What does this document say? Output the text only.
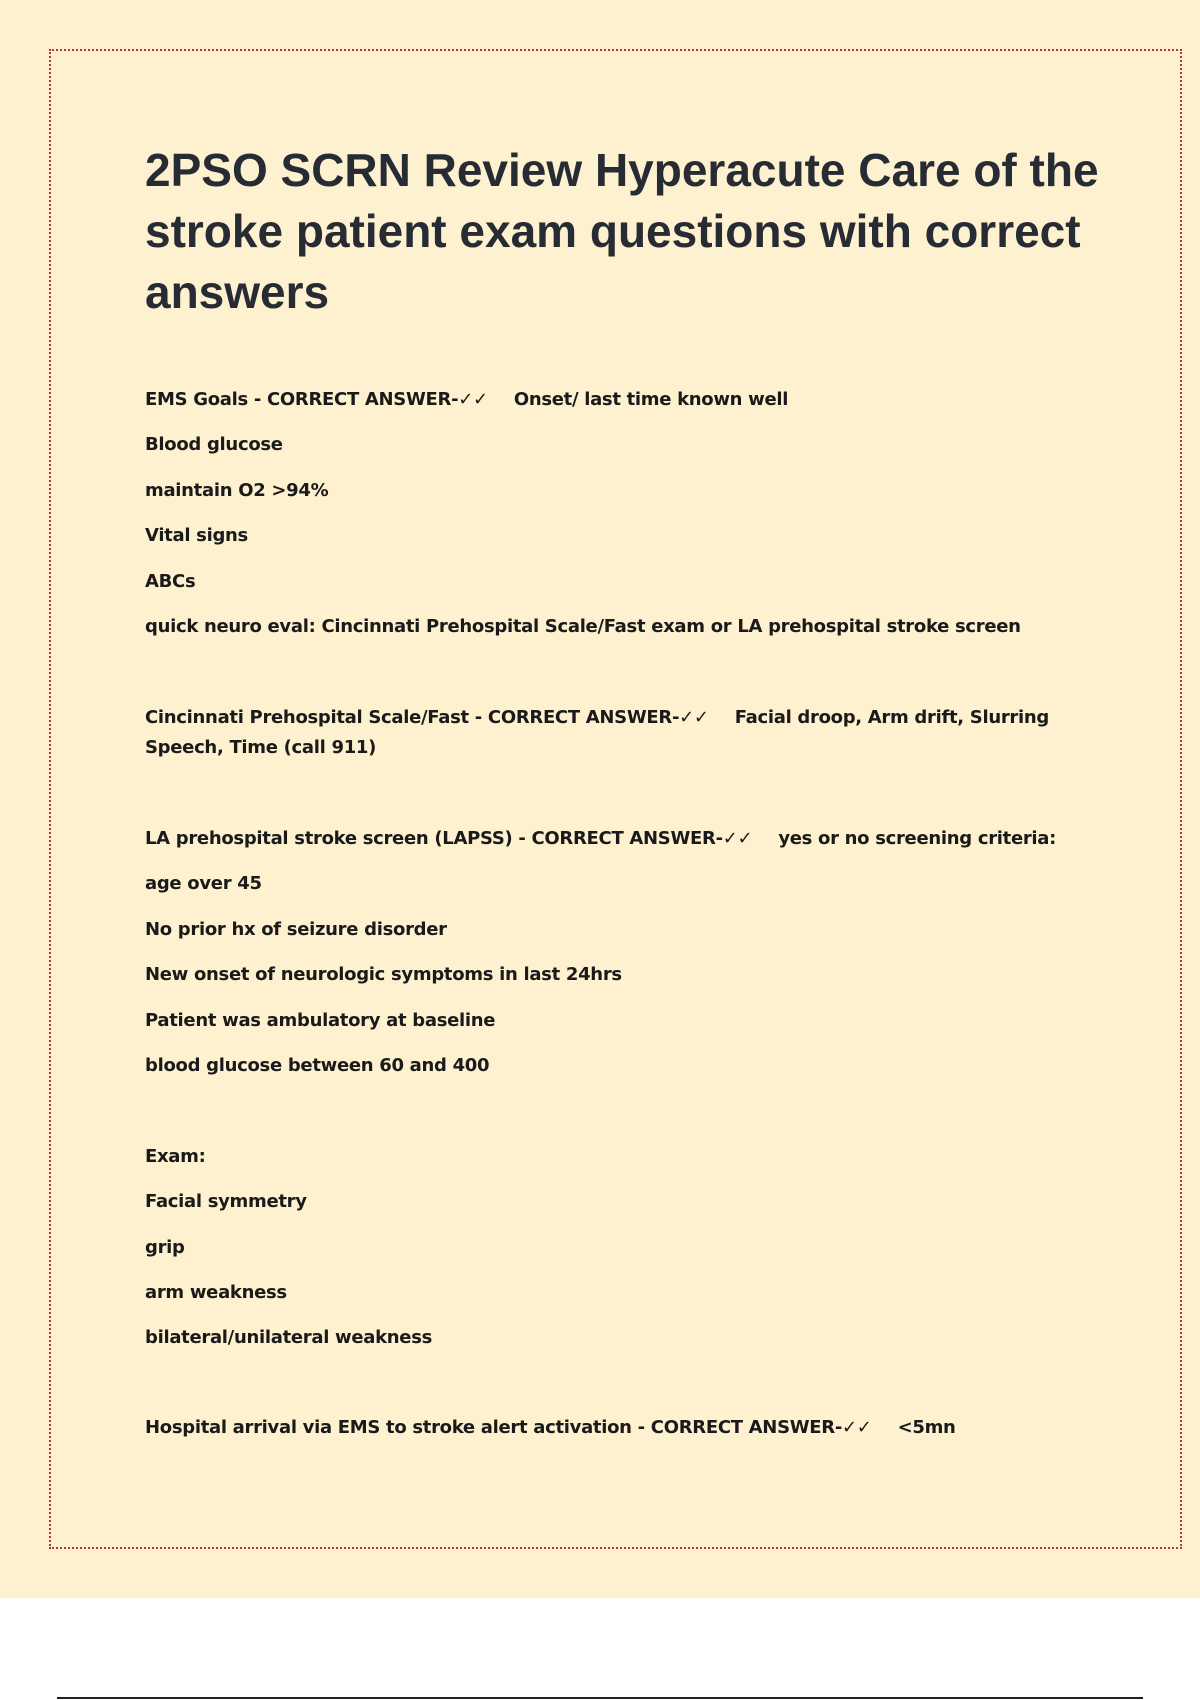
2PSO SCRN Review Hyperacute Care of the stroke patient exam questions with correct answers
EMS Goals - CORRECT ANSWER-✓✓ Onset/ last time known well
Blood glucose
maintain O2 >94%
Vital signs
ABCs
quick neuro eval: Cincinnati Prehospital Scale/Fast exam or LA prehospital stroke screen
Cincinnati Prehospital Scale/Fast - CORRECT ANSWER-✓✓ Facial droop, Arm drift, Slurring Speech, Time (call 911)
LA prehospital stroke screen (LAPSS) - CORRECT ANSWER-✓✓ yes or no screening criteria:
age over 45
No prior hx of seizure disorder
New onset of neurologic symptoms in last 24hrs
Patient was ambulatory at baseline
blood glucose between 60 and 400
Exam:
Facial symmetry
grip
arm weakness
bilateral/unilateral weakness
Hospital arrival via EMS to stroke alert activation - CORRECT ANSWER-✓✓ <5mn
